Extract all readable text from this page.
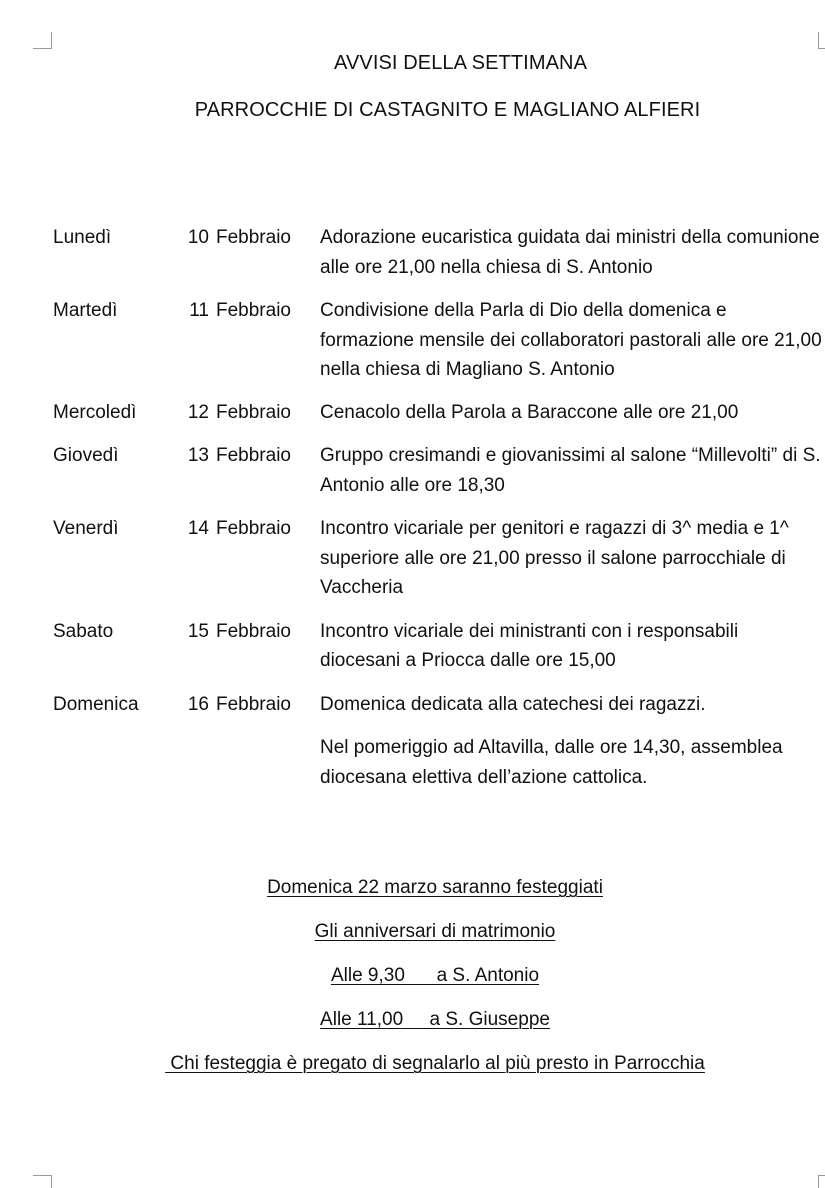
AVVISI DELLA SETTIMANA
PARROCCHIE DI CASTAGNITO E MAGLIANO ALFIERI
Lunedì	10 Febbraio	Adorazione eucaristica guidata dai ministri della comunione alle ore 21,00 nella chiesa di S. Antonio

Martedì	11 Febbraio	Condivisione della Parla di Dio della domenica e formazione mensile dei collaboratori pastorali alle ore 21,00 nella chiesa di Magliano S. Antonio

Mercoledì	12 Febbraio	Cenacolo della Parola a Baraccone alle ore 21,00

Giovedì	13 Febbraio	Gruppo cresimandi e giovanissimi al salone “Millevolti” di S. Antonio alle ore 18,30

Venerdì	14 Febbraio	Incontro vicariale per genitori e ragazzi di 3^ media e 1^ superiore alle ore 21,00 presso il salone parrocchiale di Vaccheria

Sabato	15 Febbraio	Incontro vicariale dei ministranti con i responsabili diocesani a Priocca dalle ore 15,00

Domenica	16 Febbraio	Domenica dedicata alla catechesi dei ragazzi.

Nel pomeriggio ad Altavilla, dalle ore 14,30, assemblea diocesana elettiva dell’azione cattolica.

Domenica 22 marzo saranno festeggiati
Gli anniversari di matrimonio
Alle 9,30      a S. Antonio
Alle 11,00     a S. Giuseppe
Chi festeggia è pregato di segnalarlo al più presto in Parrocchia
